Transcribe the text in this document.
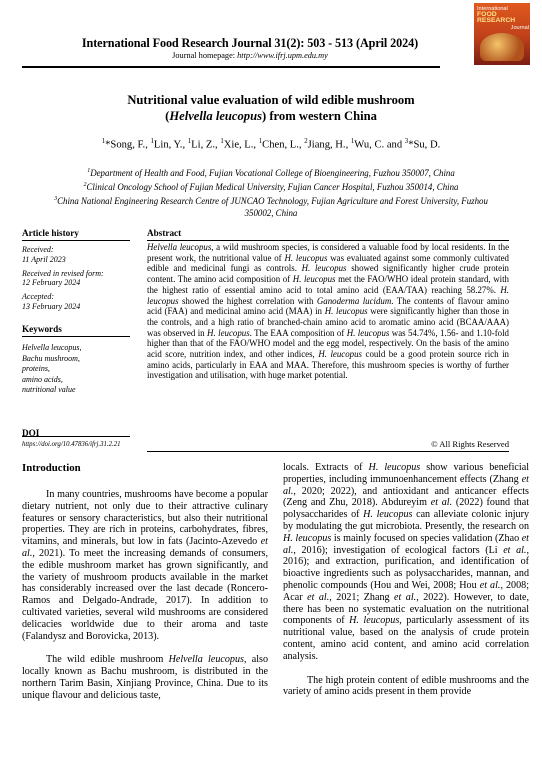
International Food Research Journal 31(2): 503 - 513 (April 2024)
Journal homepage: http://www.ifrj.upm.edu.my
International
FOOD RESEARCH
Journal
Nutritional value evaluation of wild edible mushroom
(Helvella leucopus) from western China
$^1$*Song, F., $^1$Lin, Y., $^1$Li, Z., $^1$Xie, L., $^1$Chen, L., $^2$Jiang, H., $^1$Wu, C. and $^3$*Su, D.
$^1$Department of Health and Food, Fujian Vocational College of Bioengineering, Fuzhou 350007, China
$^2$Clinical Oncology School of Fujian Medical University, Fujian Cancer Hospital, Fuzhou 350014, China
$^3$China National Engineering Research Centre of JUNCAO Technology, Fujian Agriculture and Forest University, Fuzhou 350002, China
Article history
Received:
11 April 2023
Received in revised form:
12 February 2024
Accepted:
13 February 2024
Keywords
Helvella leucopus,
Bachu mushroom,
proteins,
amino acids,
nutritional value
Abstract
Helvella leucopus, a wild mushroom species, is considered a valuable food by local residents. In the present work, the nutritional value of H. leucopus was evaluated against some commonly cultivated edible and medicinal fungi as controls. H. leucopus showed significantly higher crude protein content. The amino acid composition of H. leucopus met the FAO/WHO ideal protein standard, with the highest ratio of essential amino acid to total amino acid (EAA/TAA) reaching 58.27%. H. leucopus showed the highest correlation with Ganoderma lucidum. The contents of flavour amino acid (FAA) and medicinal amino acid (MAA) in H. leucopus were significantly higher than those in the controls, and a high ratio of branched-chain amino acid to aromatic amino acid (BCAA/AAA) was observed in H. leucopus. The EAA composition of H. leucopus was 54.74%, 1.56- and 1.10-fold higher than that of the FAO/WHO model and the egg model, respectively. On the basis of the amino acid score, nutrition index, and other indices, H. leucopus could be a good protein source rich in amino acids, particularly in EAA and MAA. Therefore, this mushroom species is worthy of further investigation and utilisation, with huge market potential.
DOI
https://doi.org/10.47836/ifrj.31.2.21	© All Rights Reserved
Introduction

In many countries, mushrooms have become a popular dietary nutrient, not only due to their attractive culinary features or sensory characteristics, but also their nutritional properties. They are rich in proteins, carbohydrates, fibres, vitamins, and minerals, but low in fats (Jacinto-Azevedo et al., 2021). To meet the increasing demands of consumers, the edible mushroom market has grown significantly, and the variety of mushroom products available in the market has considerably increased over the last decade (Roncero-Ramos and Delgado-Andrade, 2017). In addition to cultivated varieties, several wild mushrooms are considered delicacies worldwide due to their aroma and taste (Falandysz and Borovicka, 2013).

The wild edible mushroom Helvella leucopus, also locally known as Bachu mushroom, is distributed in the northern Tarim Basin, Xinjiang Province, China. Due to its unique flavour and delicious taste,

locals. Extracts of H. leucopus show various beneficial properties, including immunoenhancement effects (Zhang et al., 2020; 2022), and antioxidant and anticancer effects (Zeng and Zhu, 2018). Abdureyim et al. (2022) found that polysaccharides of H. leucopus can alleviate colonic injury by modulating the gut microbiota. Presently, the research on H. leucopus is mainly focused on species validation (Zhao et al., 2016); investigation of ecological factors (Li et al., 2016); and extraction, purification, and identification of bioactive ingredients such as polysaccharides, mannan, and phenolic compounds (Hou and Wei, 2008; Hou et al., 2008; Acar et al., 2021; Zhang et al., 2022). However, to date, there has been no systematic evaluation on the nutritional components of H. leucopus, particularly assessment of its nutritional value, based on the analysis of crude protein content, amino acid content, and amino acid correlation analysis.

The high protein content of edible mushrooms and the variety of amino acids present in them provide
